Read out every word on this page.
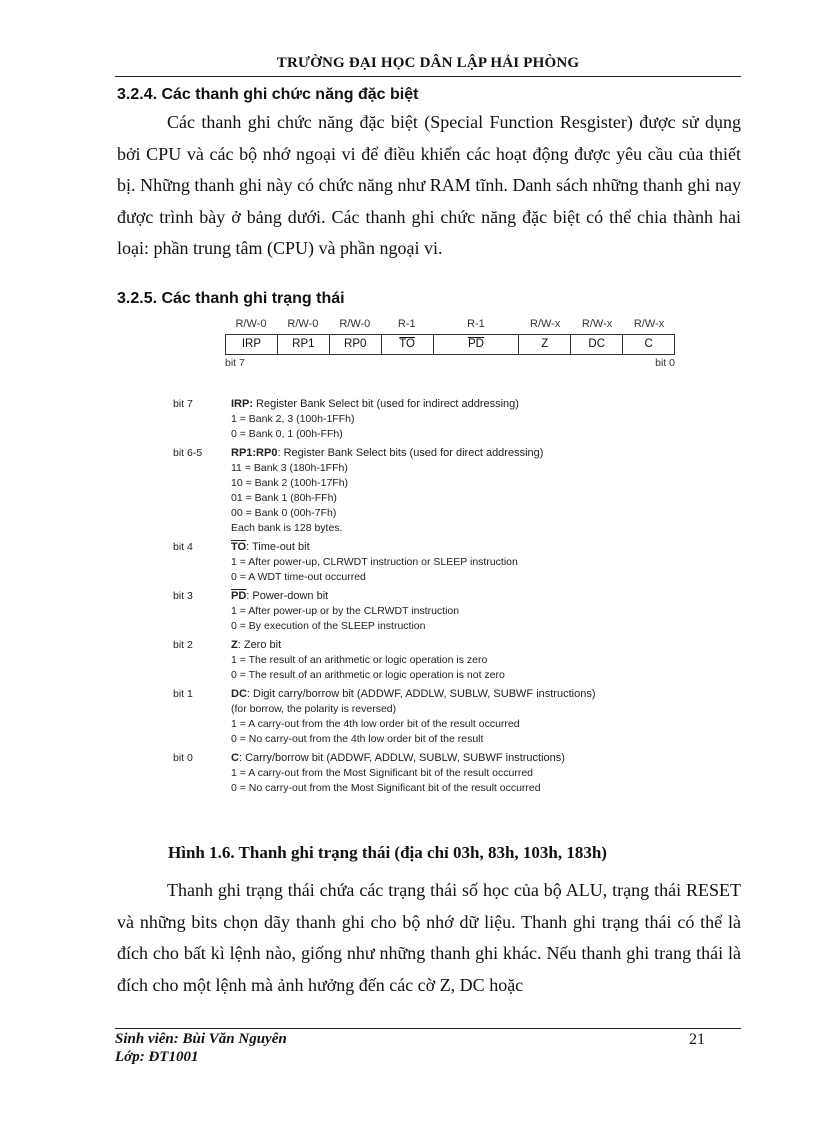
TRƯỜNG ĐẠI HỌC DÂN LẬP HẢI PHÒNG
3.2.4. Các thanh ghi chức năng đặc biệt
Các thanh ghi chức năng đặc biệt (Special Function Resgister) được sử dụng bởi CPU và các bộ nhớ ngoại vi để điều khiển các hoạt động được yêu cầu của thiết bị. Những thanh ghi này có chức năng như RAM tĩnh. Danh sách những thanh ghi nay được trình bày ở bảng dưới. Các thanh ghi chức năng đặc biệt có thể chia thành hai loại: phần trung tâm (CPU) và phần ngoại vi.
3.2.5. Các thanh ghi trạng thái
R/W-0	R/W-0	R/W-0	R-1	R-1	R/W-x	R/W-x	R/W-x
IRP	RP1	RP0	$\overline{TO}$	$\overline{PD}$	Z	DC	C
bit 7	bit 0
bit 7	IRP: Register Bank Select bit (used for indirect addressing)
1 = Bank 2, 3 (100h-1FFh)
0 = Bank 0, 1 (00h-FFh)
bit 6-5	RP1:RP0: Register Bank Select bits (used for direct addressing)
11 = Bank 3 (180h-1FFh)
10 = Bank 2 (100h-17Fh)
01 = Bank 1 (80h-FFh)
00 = Bank 0 (00h-7Fh)
Each bank is 128 bytes.
bit 4	$\overline{TO}$: Time-out bit
1 = After power-up, CLRWDT instruction or SLEEP instruction
0 = A WDT time-out occurred
bit 3	$\overline{PD}$: Power-down bit
1 = After power-up or by the CLRWDT instruction
0 = By execution of the SLEEP instruction
bit 2	Z: Zero bit
1 = The result of an arithmetic or logic operation is zero
0 = The result of an arithmetic or logic operation is not zero
bit 1	DC: Digit carry/borrow bit (ADDWF, ADDLW, SUBLW, SUBWF instructions)
(for borrow, the polarity is reversed)
1 = A carry-out from the 4th low order bit of the result occurred
0 = No carry-out from the 4th low order bit of the result
bit 0	C: Carry/borrow bit (ADDWF, ADDLW, SUBLW, SUBWF instructions)
1 = A carry-out from the Most Significant bit of the result occurred
0 = No carry-out from the Most Significant bit of the result occurred
Hình 1.6. Thanh ghi trạng thái (địa chỉ 03h, 83h, 103h, 183h)
Thanh ghi trạng thái chứa các trạng thái số học của bộ ALU, trạng thái RESET và những bits chọn dãy thanh ghi cho bộ nhớ dữ liệu. Thanh ghi trạng thái có thể là đích cho bất kì lệnh nào, giống như những thanh ghi khác. Nếu thanh ghi trang thái là đích cho một lệnh mà ảnh hưởng đến các cờ Z, DC hoặc
Sinh viên: Bùi Văn Nguyên
Lớp: ĐT1001
21
